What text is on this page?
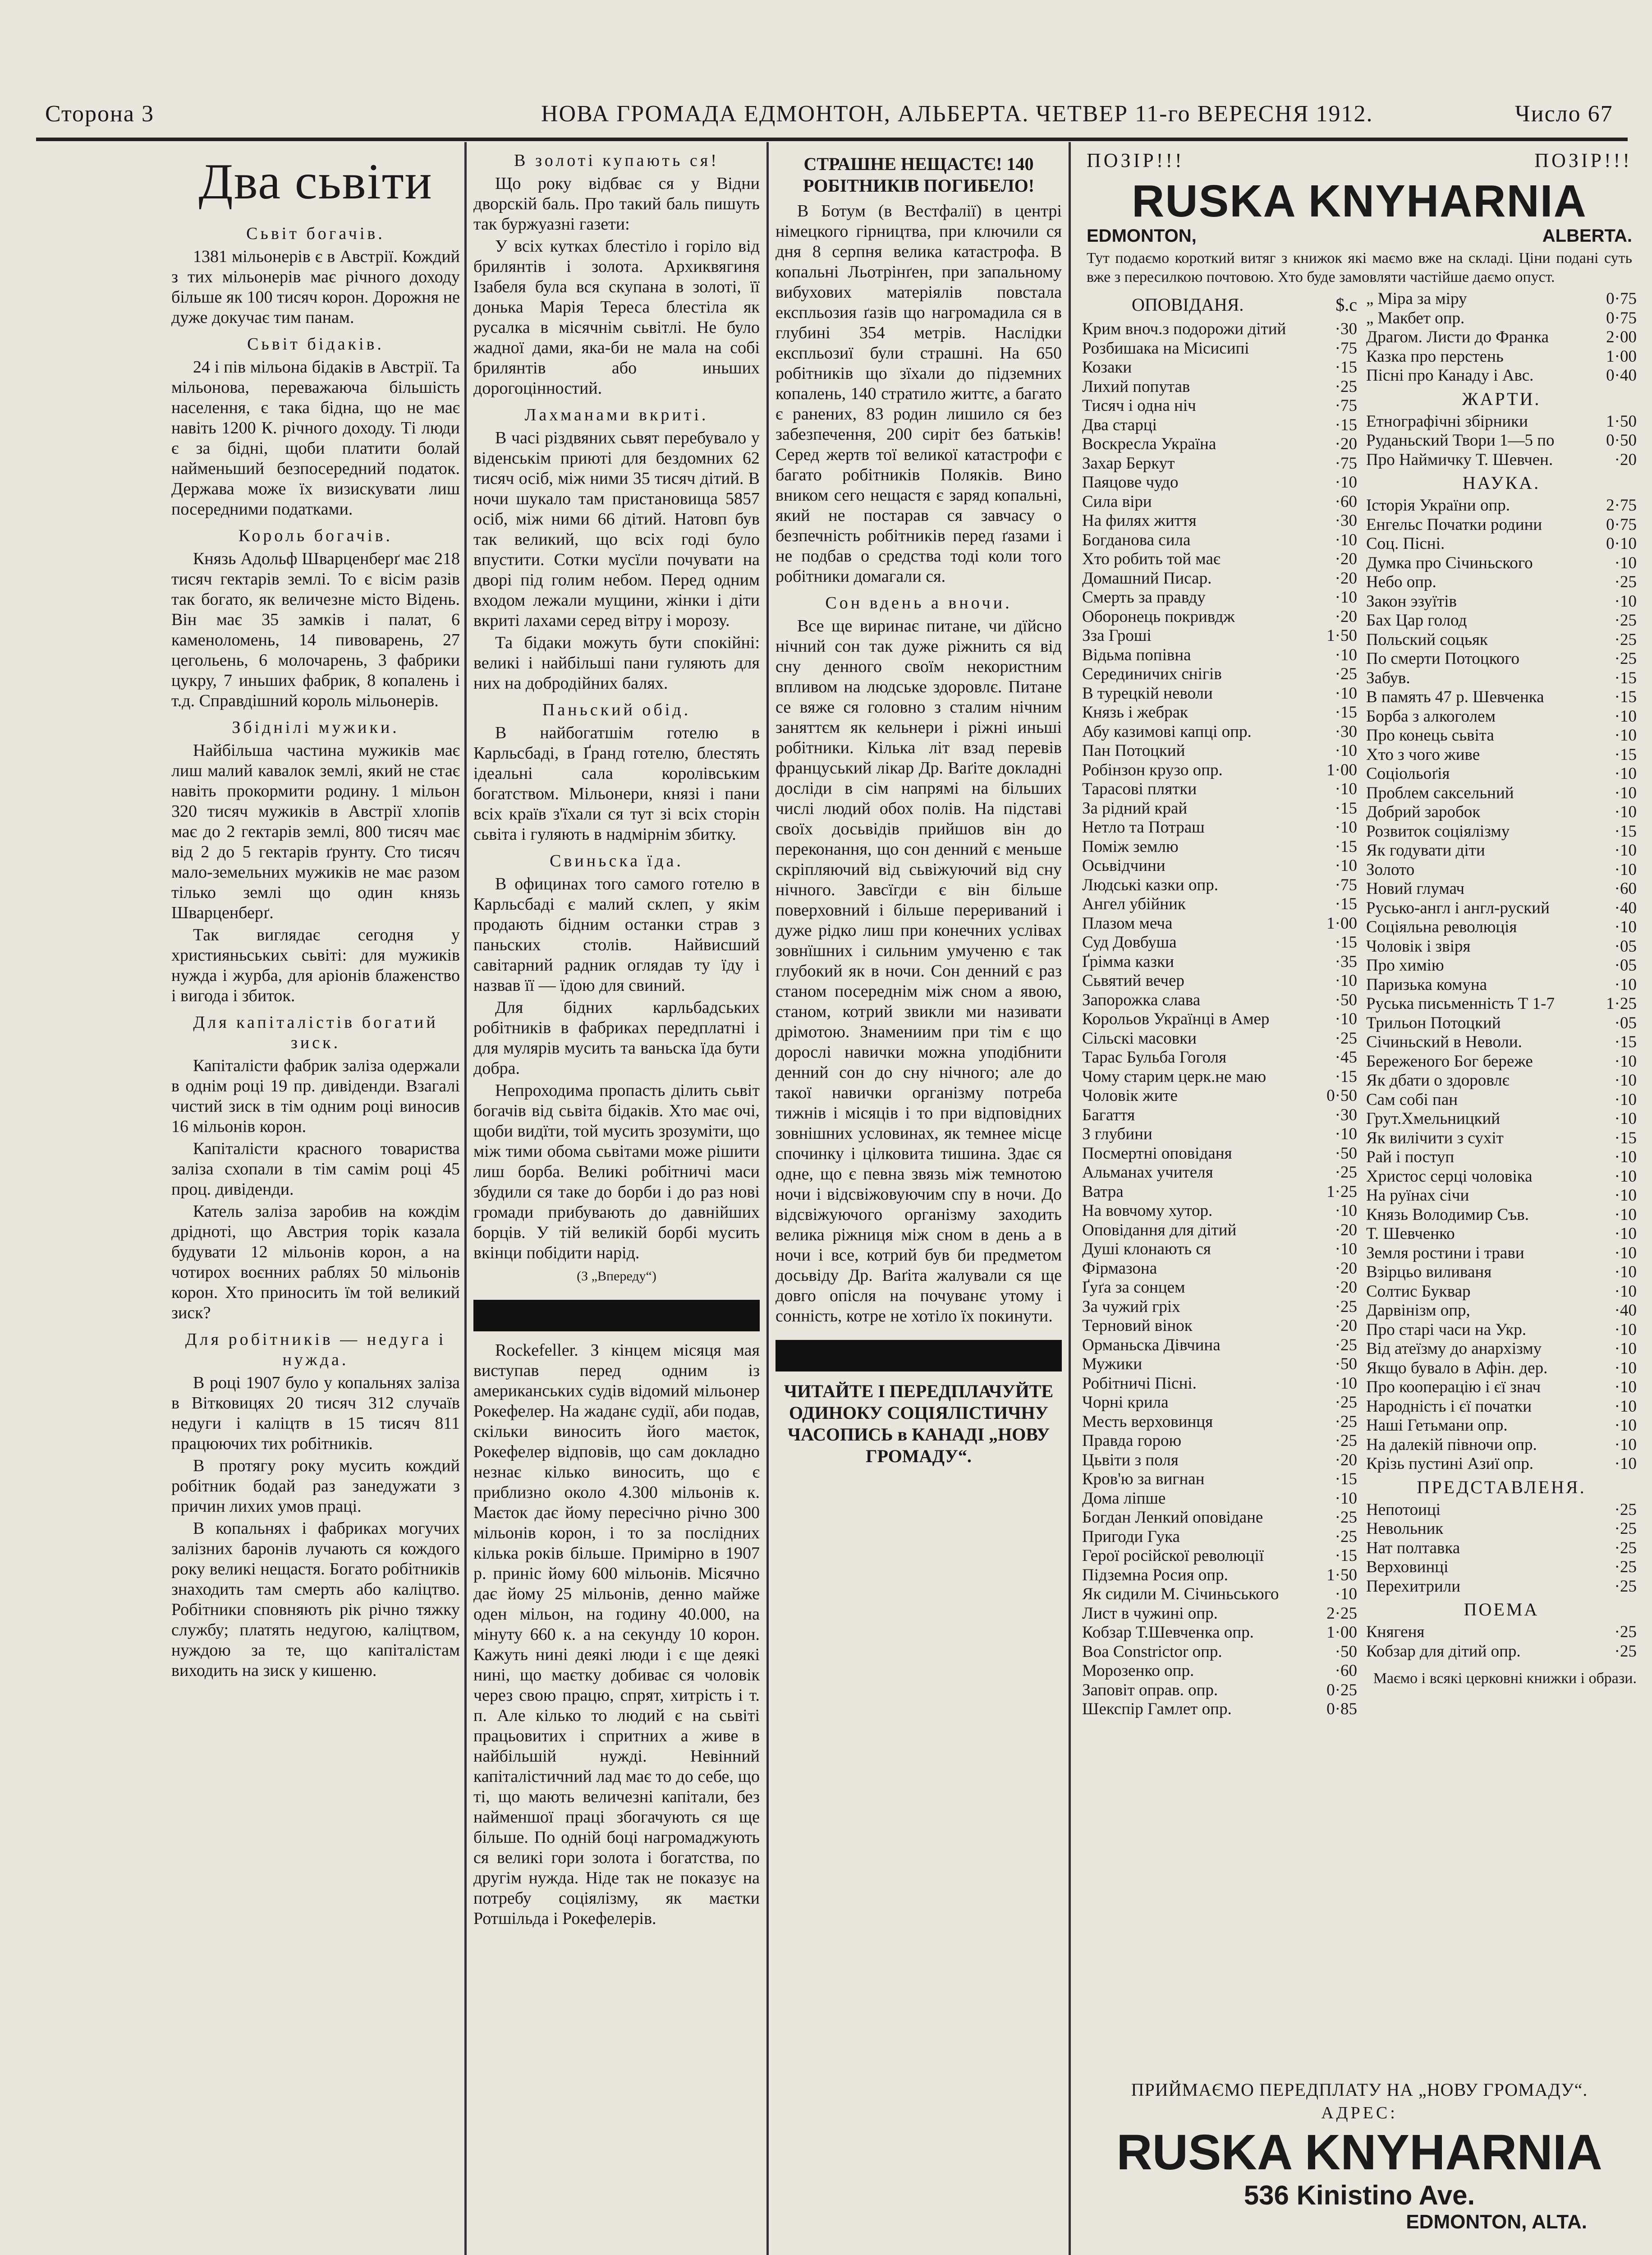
Сторона 3	НОВА ГРОМАДА ЕДМОНТОН, АЛЬБЕРТА. ЧЕТВЕР 11-го ВЕРЕСНЯ 1912.	Число 67
Два сьвіти
Сьвіт богачів.

1381 мільонерів є в Австрії. Кождий з тих мільонерів має річного доходу більше як 100 тисяч корон. Дорожня не дуже докучає тим панам.

Сьвіт бідаків.

24 і пів мільона бідаків в Австрії. Та мільонова, переважаюча більшість населення, є така бідна, що не має навіть 1200 К. річного доходу. Ті люди є за бідні, щоби платити болай найменьший безпосередний податок. Держава може їх визискувати лиш посередними податками.

Король богачів.

Князь Адольф Шварценберґ має 218 тисяч гектарів землі. То є вісім разів так богато, як величезне місто Відень. Він має 35 замків і палат, 6 каменоломень, 14 пивоварень, 27 цегольень, 6 молочарень, 3 фабрики цукру, 7 иньших фабрик, 8 копалень і т.д. Справдішний король мільонерів.

Збіднілі мужики.

Найбільша частина мужиків має лиш малий кавалок землі, який не стає навіть прокормити родину. 1 мільон 320 тисяч мужиків в Австрії хлопів має до 2 гектарів землі, 800 тисяч має від 2 до 5 гектарів ґрунту. Сто тисяч мало-земельних мужиків не має разом тілько землі що один князь Шварценберґ.

Так виглядає сегодня у християньських сьвіті: для мужиків нужда і журба, для аріонів блаженство і вигода і збиток.

Для капіталістів богатий зиск.

Капіталісти фабрик заліза одержали в однім році 19 пр. дивіденди. Взагалі чистий зиск в тім одним році виносив 16 мільонів корон.

Капіталісти красного товариства заліза схопали в тім самім році 45 проц. дивіденди.

Катель заліза заробив на кождім дрідноті, що Австрия торік казала будувати 12 мільонів корон, а на чотирох воєнних раблях 50 мільонів корон. Хто приносить їм той великий зиск?

Для робітників — недуга і нужда.

В році 1907 було у копальнях заліза в Вітковицях 20 тисяч 312 случаїв недуги і каліцтв в 15 тисяч 811 працюючих тих робітників.

В протягу року мусить кождий робітник бодай раз занедужати з причин лихих умов праці.

В копальнях і фабриках могучих залізних баронів лучають ся кождого року великі нещастя. Богато робітників знаходить там смерть або каліцтво. Робітники сповняють рік річно тяжку службу; платять недугою, каліцтвом, нуждою за те, що капіталістам виходить на зиск у кишеню.

В золоті купають ся!

Що року відбває ся у Відни дворскій баль. Про такий баль пишуть так буржуазні газети:

У всіх кутках блестіло і горіло від брилянтів і золота. Архиквягиня Ізабеля була вся скупана в золоті, її донька Марія Тереса блестіла як русалка в місячнім сьвітлі. Не було жадної дами, яка-би не мала на собі брилянтів або иньших дорогоцінностий.

Лахманами вкриті.

В часі різдвяних сьвят перебувало у віденськім приюті для бездомних 62 тисяч осіб, між ними 35 тисяч дітий. В ночи шукало там пристановища 5857 осіб, між ними 66 дітий. Натовп був так великий, що всіх годі було впустити. Сотки мусїли почувати на дворі під голим небом. Перед одним входом лежали мущини, жінки і діти вкриті лахами серед вітру і морозу.

Та бідаки можуть бути спокійні: великі і найбільші пани гуляють для них на добродійних балях.

Паньский обід.

В найбогатшім готелю в Карльсбаді, в Ґранд готелю, блестять ідеальні сала королівським богатством. Мільонери, князі і пани всіх країв з'їхали ся тут зі всіх сторін сьвіта і гуляють в надмірнім збитку.

Свиньска їда.

В официнах того самого готелю в Карльсбаді є малий склеп, у якім продають бідним останки страв з паньских столів. Найвисший савітарний радник оглядав ту їду і назвав її — їдою для свиний.

Для бідних карльбадських робітників в фабриках передплатні і для мулярів мусить та ваньска їда бути добра.

Непроходима пропасть ділить сьвіт богачів від сьвіта бідаків. Хто має очі, щоби видїти, той мусить зрозуміти, що між тими обома сьвітами може рішити лиш борба. Великі робітничі маси збудили ся таке до борби і до раз нові громади прибувають до давнійших борців. У тій великій борбі мусить вкінци побідити нарід.

(З „Впереду“)

Rockefeller. З кінцем місяця мая виступав перед одним із американських судів відомий мільонер Рокефелер. На жаданє судії, аби подав, скільки виносить його маєток, Рокефелер відповів, що сам докладно незнає кілько виносить, що є приблизно около 4.300 мільонів к. Маєток дає йому пересічно річно 300 мільонів корон, і то за послідних кілька років більше. Примірно в 1907 р. приніс йому 600 мільонів. Місячно дає йому 25 мільонів, денно майже оден мільон, на годину 40.000, на мінуту 660 к. а на секунду 10 корон. Кажуть нині деякі люди і є ще деякі нині, що маєтку добиває ся чоловік через свою працю, спрят, хитрість і т. п. Але кілько то людий є на сьвіті працьовитих і спритних а живе в найбільшій нужді. Невінний капіталістичний лад має то до себе, що ті, що мають величезні капітали, без найменшої праці збогачують ся ще більше. По одній боці нагромаджують ся великі гори золота і богатства, по другім нужда. Ніде так не показує на потребу соціялізму, як маєтки Ротшільда і Рокефелерів.

СТРАШНЕ НЕЩАСТЄ! 140 РОБІТНИКІВ ПОГИБЕЛО!

В Ботум (в Вестфалії) в центрі німецкого гірництва, при ключили ся дня 8 серпня велика катастрофа. В копальні Льотрінґен, при запальному вибухових матеріялів повстала експльозия ґазів що нагромадила ся в глубині 354 метрів. Наслідки експльозиї були страшні. На 650 робітників що зїхали до підземних копалень, 140 стратило життє, а багато є ранених, 83 родин лишило ся без забезпечення, 200 сиріт без батьків! Серед жертв тої великої катастрофи є багато робітників Поляків. Вино вником сего нещастя є заряд копальні, який не постарав ся завчасу о безпечність робітників перед ґазами і не подбав о средства тоді коли того робітники домагали ся.

Сон вдень а вночи.

Все ще виринає питане, чи дїйсно нічний сон так дуже ріжнить ся від сну денного своїм некористним впливом на людське здоровлє. Питане се вяже ся головно з сталим нічним заняттєм як кельнери і ріжні иньші робітники. Кілька літ взад перевів француський лікар Др. Ваґіте докладні досліди в сім напрямі на більших числі людий обох полів. На підставі своїх досьвідів прийшов він до переконання, що сон денний є меньше скріпляючий від сьвіжуючий від сну нічного. Завсїгди є він більше поверховний і більше перериваний і дуже рідко лиш при конечних услівах зовнїшних і сильним умученю є так глубокий як в ночи. Сон денний є раз станом посереднім між сном а явою, станом, котрий звикли ми називати дрімотою. Знамениим при тім є що дорослі навички можна уподібнити денний сон до сну нічного; але до такої навички організму потреба тижнів і місяців і то при відповідних зовнішних условинах, як темнее місце спочинку і цілковита тишина. Здає ся одне, що є певна звязь між темнотою ночи і відсвіжовуючим спу в ночи. До відсвіжуючого організму заходить велика ріжниця між сном в день а в ночи і все, котрий був би предметом досьвіду Др. Ваґіта жалували ся ще довго опісля на почуванє утому і сонність, котре не хотіло їх покинути.

ЧИТАЙТЕ І ПЕРЕДПЛАЧУЙТЕ ОДИНОКУ СОЦІЯЛІСТИЧНУ ЧАСОПИСЬ в КАНАДІ „НОВУ ГРОМАДУ“.
ПОЗІР!!!	ПОЗІР!!!
RUSKA KNYHARNIA
EDMONTON,	ALBERTA.
Тут подаємо короткий витяг з книжок які маємо вже на складі. Ціни подані суть вже з пересилкою почтовою. Хто буде замовляти частійше даємо опуст.
ОПОВІДАНЯ.	$.c
Крим вноч.з подорожи дітий	·30
Розбишака на Місисипі	·75
Козаки	·15
Лихий попутав	·25
Тисяч і одна ніч	·75
Два старці	·15
Воскресла Україна	·20
Захар Беркут	·75
Паяцове чудо	·10
Сила віри	·60
На филях життя	·30
Богданова сила	·10
Хто робить той має	·20
Домашний Писар.	·20
Смерть за правду	·10
Оборонець покривдж	·20
Зза Гроші	1·50
Відьма попівна	·10
Серединичих снігів	·25
В турецкій неволи	·10
Князь і жебрак	·15
Абу казимові капці опр.	·30
Пан Потоцкий	·10
Робінзон крузо опр.	1·00
Тарасові плятки	·10
За рідний край	·15
Нетло та Потраш	·10
Поміж землю	·15
Осьвідчини	·10
Людські казки опр.	·75
Ангел убійник	·15
Плазом меча	1·00
Суд Довбуша	·15
Ґрімма казки	·35
Сьвятий вечер	·10
Запорожка слава	·50
Корольов Українці в Амер	·10
Сільскі масовки	·25
Тарас Бульба Гоголя	·45
Чому старим церк.не маю	·15
Чоловік жите	0·50
Багаття	·30
З глубини	·10
Посмертні оповіданя	·50
Альманах учителя	·25
Ватра	1·25
На вовчому хутор.	·10
Оповідання для дітий	·20
Душі клонають ся	·10
Фірмазона	·20
Ґуґа за сонцем	·20
За чужий гріх	·25
Терновий вінок	·20
Орманьска Дівчина	·25
Мужики	·50
Робітничі Пісні.	·10
Чорні крила	·25
Месть верховинця	·25
Правда горою	·25
Цьвіти з поля	·20
Кров'ю за вигнан	·15
Дома ліпше	·10
Богдан Ленкий оповідане	·25
Пригоди Гука	·25
Герої російскої революції	·15
Підземна Росия опр.	1·50
Як сидили М. Січиньського	·10
Лист в чужині опр.	2·25
Кобзар Т.Шевченка опр.	1·00
Boa Constrictor опр.	·50
Морозенко опр.	·60
Заповіт оправ. опр.	0·25
Шекспір Гамлет опр.	0·85
„ Міра за міру	0·75
„ Макбет опр.	0·75
Драгом. Листи до Франка	2·00
Казка про перстень	1·00
Пісні про Канаду і Авс.	0·40
ЖАРТИ.
Етнографічні збірники	1·50
Руданьский Твори 1—5 по	0·50
Про Наймичку Т. Шевчен.	·20
НАУКА.
Історія України опр.	2·75
Енгельс Початки родини	0·75
Соц. Пісні.	0·10
Думка про Січиньского	·10
Небо опр.	·25
Закон эзуїтів	·10
Бах Цар голод	·25
Польский соцьяк	·25
По смерти Потоцкого	·25
Забув.	·15
В память 47 р. Шевченка	·15
Борба з алкоголем	·10
Про конець сьвіта	·10
Хто з чого живе	·15
Соціольоґія	·10
Проблем саксельний	·10
Добрий заробок	·10
Розвиток соціялізму	·15
Як годувати діти	·10
Золото	·10
Новий глумач	·60
Русько-англ і англ-руский	·40
Соціяльна революція	·10
Чоловік і звіря	·05
Про химію	·05
Паризька комуна	·10
Руська письменність Т 1-7	1·25
Трильон Потоцкий	·05
Січиньский в Неволи.	·15
Береженого Бог береже	·10
Як дбати о здоровлє	·10
Сам собі пан	·10
Грут.Хмельницкий	·10
Як вилічити з сухіт	·15
Рай і поступ	·10
Христос серці чоловіка	·10
На руїнах січи	·10
Князь Володимир Съв.	·10
Т. Шевченко	·10
Земля ростини і трави	·10
Взірцьо виливаня	·10
Солтис Буквар	·10
Дарвінізм опр,	·40
Про старі часи на Укр.	·10
Від атеїзму до анархізму	·10
Якщо бувало в Афін. дер.	·10
Про кооперацію і єї знач	·10
Народність і єї початки	·10
Наші Гетьмани опр.	·10
На далекій півночи опр.	·10
Крізь пустині Азиї опр.	·10
ПРЕДСТАВЛЕНЯ.
Непотоиці	·25
Невольник	·25
Нат полтавка	·25
Верховинці	·25
Перехитрили	·25
ПОЕМА
Княгеня	·25
Кобзар для дітий опр.	·25
Маємо і всякі церковні книжки і образи.
ПРИЙМАЄМО ПЕРЕДПЛАТУ НА „НОВУ ГРОМАДУ“.
АДРЕС:
RUSKA KNYHARNIA
536 Kinistino Ave.
EDMONTON, ALTA.
